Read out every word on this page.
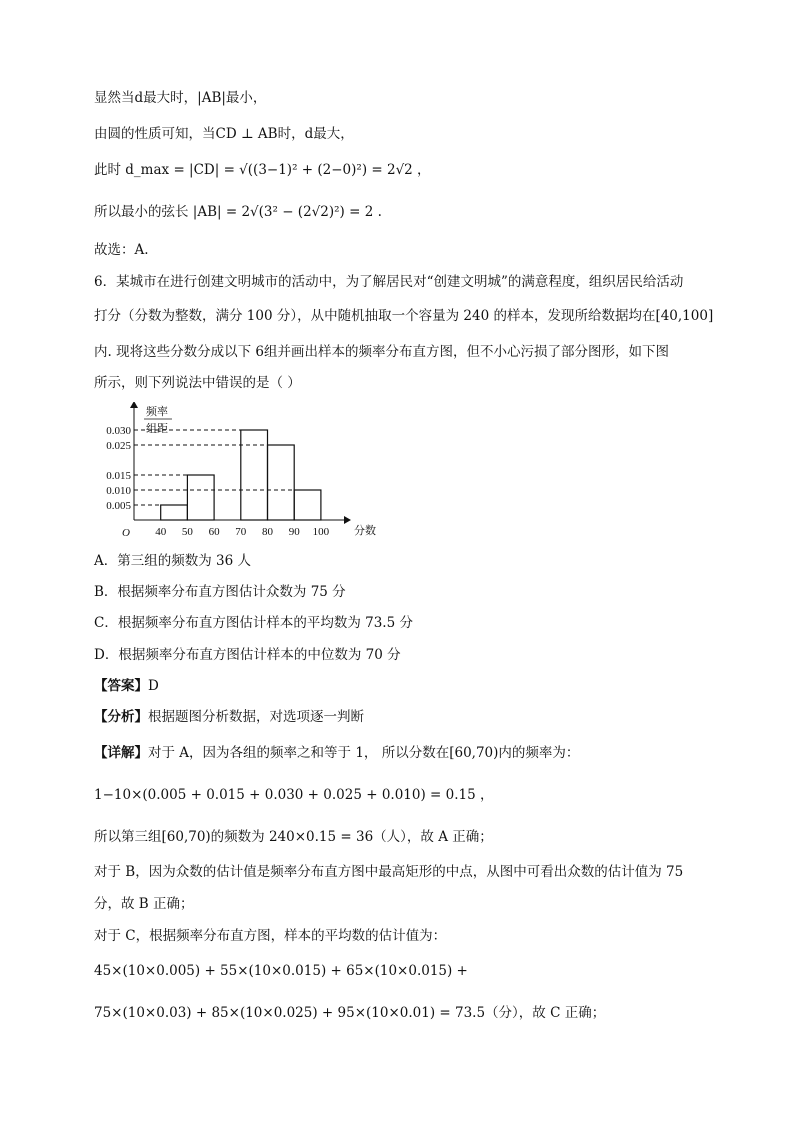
显然当d最大时，|AB|最小，
由圆的性质可知，当CD ⊥ AB时，d最大，
此时 d_max = |CD| = √((3−1)² + (2−0)²) = 2√2 ，
所以最小的弦长 |AB| = 2√(3² − (2√2)²) = 2 .
故选：A.
6．某城市在进行创建文明城市的活动中，为了解居民对“创建文明城”的满意程度，组织居民给活动
打分（分数为整数，满分 100 分），从中随机抽取一个容量为 240 的样本，发现所给数据均在[40,100]
内. 现将这些分数分成以下 6组并画出样本的频率分布直方图，但不小心污损了部分图形，如下图
所示，则下列说法中错误的是（ ）
频率
组距
分数
O
0.030
0.025
0.015
0.010
0.005
40 50 60 70 80 90 100
A．第三组的频数为 36 人
B．根据频率分布直方图估计众数为 75 分
C．根据频率分布直方图估计样本的平均数为 73.5 分
D．根据频率分布直方图估计样本的中位数为 70 分
【答案】D
【分析】根据题图分析数据，对选项逐一判断
【详解】对于 A，因为各组的频率之和等于 1， 所以分数在[60,70)内的频率为：
1−10×(0.005 + 0.015 + 0.030 + 0.025 + 0.010) = 0.15 ，
所以第三组[60,70)的频数为 240×0.15 = 36（人），故 A 正确；
对于 B，因为众数的估计值是频率分布直方图中最高矩形的中点，从图中可看出众数的估计值为 75
分，故 B 正确；
对于 C，根据频率分布直方图，样本的平均数的估计值为：
45×(10×0.005) + 55×(10×0.015) + 65×(10×0.015) +
75×(10×0.03) + 85×(10×0.025) + 95×(10×0.01) = 73.5（分），故 C 正确；
